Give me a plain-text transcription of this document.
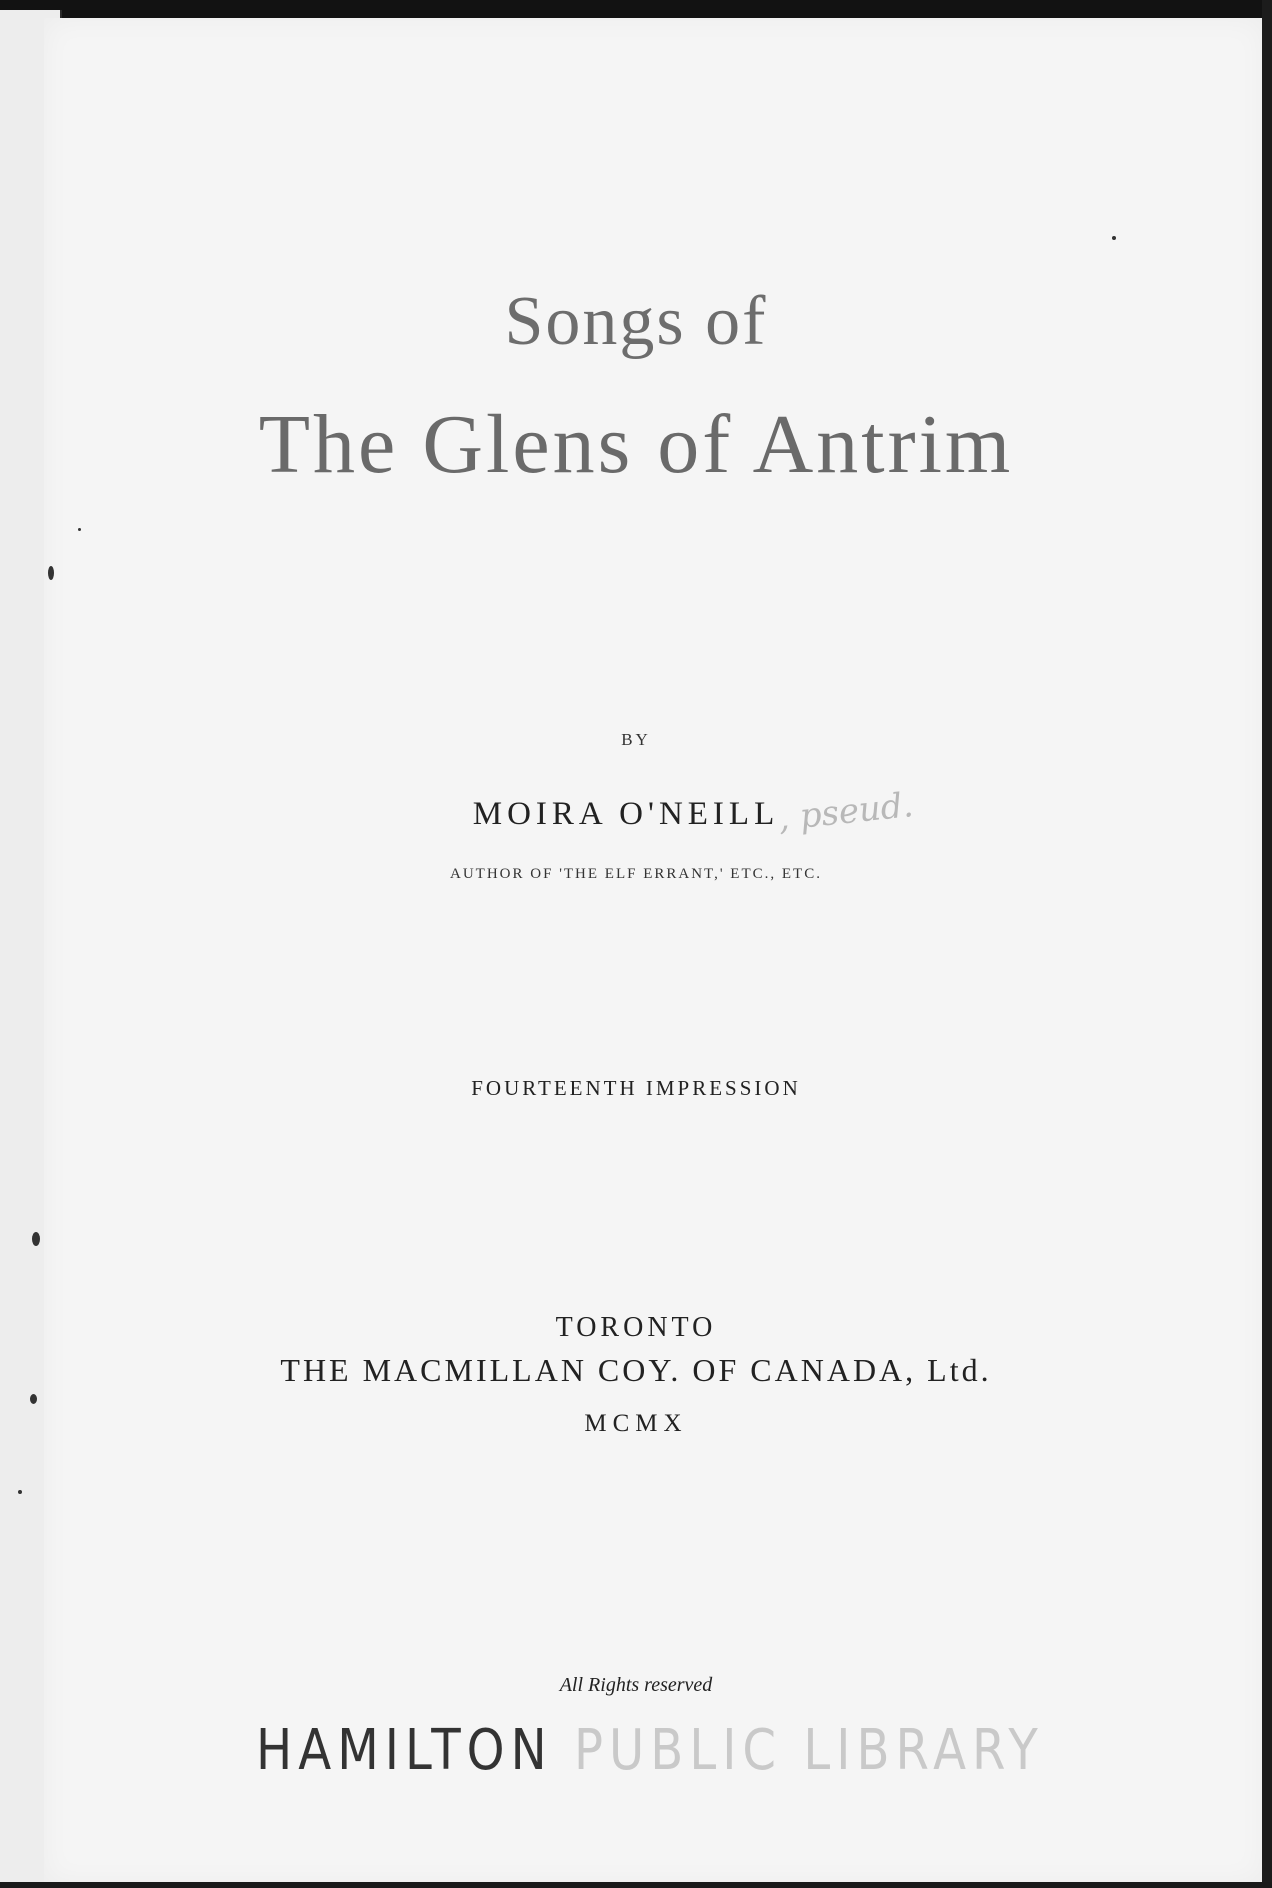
Songs of
The Glens of Antrim
BY
MOIRA O'NEILL
, pseud.
AUTHOR OF 'THE ELF ERRANT,' ETC., ETC.
FOURTEENTH IMPRESSION
TORONTO
THE MACMILLAN COY. OF CANADA, Ltd.
MCMX
All Rights reserved
HAMILTON PUBLIC LIBRARY
